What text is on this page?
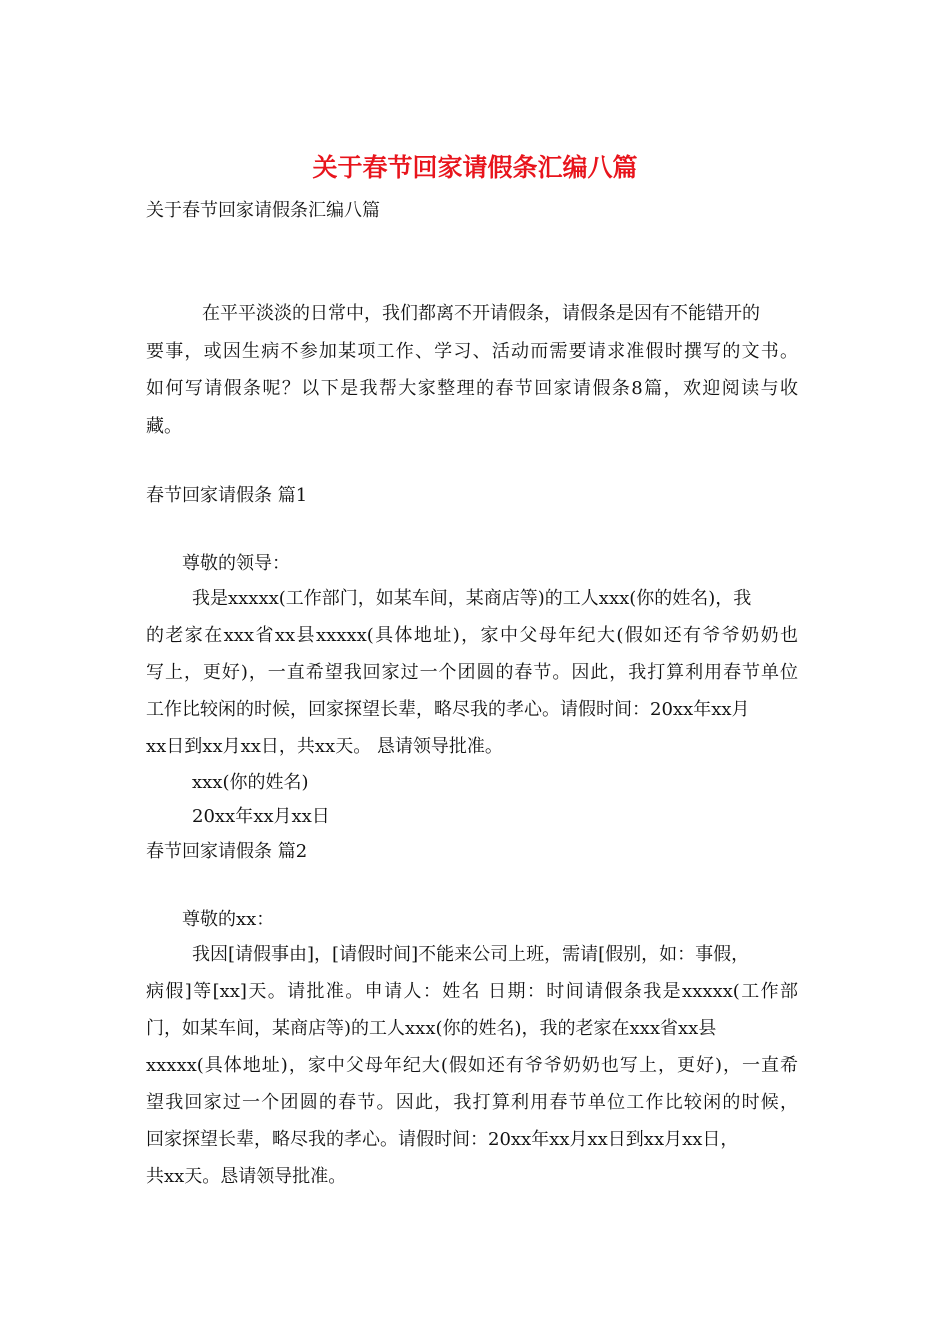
关于春节回家请假条汇编八篇
关于春节回家请假条汇编八篇
在平平淡淡的日常中，我们都离不开请假条，请假条是因有不能错开的
要事，或因生病不参加某项工作、学习、活动而需要请求准假时撰写的文书。
如何写请假条呢？以下是我帮大家整理的春节回家请假条8篇，欢迎阅读与收
藏。
春节回家请假条 篇1
尊敬的领导：
我是xxxxx(工作部门，如某车间，某商店等)的工人xxx(你的姓名)，我
的老家在xxx省xx县xxxxx(具体地址)，家中父母年纪大(假如还有爷爷奶奶也
写上，更好)，一直希望我回家过一个团圆的春节。因此，我打算利用春节单位
工作比较闲的时候，回家探望长辈，略尽我的孝心。请假时间：20xx年xx月
xx日到xx月xx日，共xx天。 恳请领导批准。
xxx(你的姓名)
20xx年xx月xx日
春节回家请假条 篇2
尊敬的xx：
我因[请假事由]，[请假时间]不能来公司上班，需请[假别，如：事假，
病假]等[xx]天。请批准。申请人：姓名 日期：时间请假条我是xxxxx(工作部
门，如某车间，某商店等)的工人xxx(你的姓名)，我的老家在xxx省xx县
xxxxx(具体地址)，家中父母年纪大(假如还有爷爷奶奶也写上，更好)，一直希
望我回家过一个团圆的春节。因此，我打算利用春节单位工作比较闲的时候，
回家探望长辈，略尽我的孝心。请假时间：20xx年xx月xx日到xx月xx日，
共xx天。恳请领导批准。
